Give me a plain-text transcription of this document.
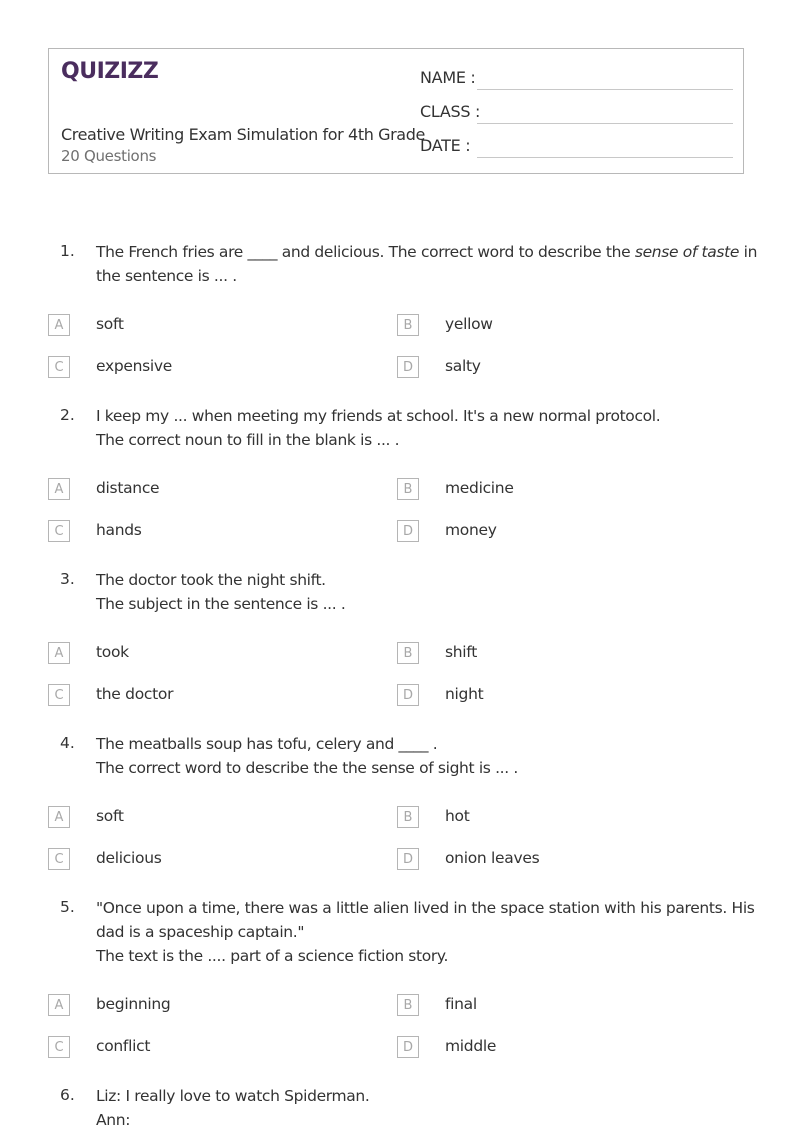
QUIZIZZ
Creative Writing Exam Simulation for 4th Grade
20 Questions
NAME :
CLASS :
DATE :
1. The French fries are ____ and delicious. The correct word to describe the sense of taste in
the sentence is ... .
A	soft	B	yellow
C	expensive	D	salty
2. I keep my ... when meeting my friends at school. It's a new normal protocol.
The correct noun to fill in the blank is ... .
A	distance	B	medicine
C	hands	D	money
3. The doctor took the night shift.
The subject in the sentence is ... .
A	took	B	shift
C	the doctor	D	night
4. The meatballs soup has tofu, celery and ____ .
The correct word to describe the the sense of sight is ... .
A	soft	B	hot
C	delicious	D	onion leaves
5. "Once upon a time, there was a little alien lived in the space station with his parents. His
dad is a spaceship captain."
The text is the .... part of a science fiction story.
A	beginning	B	final
C	conflict	D	middle
6. Liz: I really love to watch Spiderman.
Ann:
